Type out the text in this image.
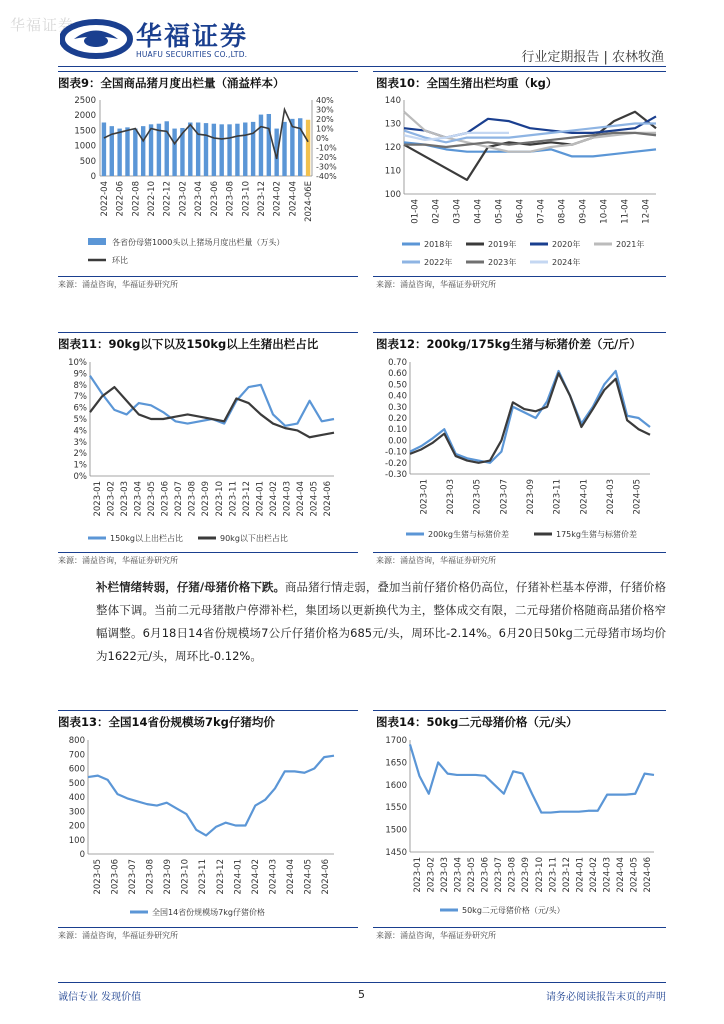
华福证券 华福证券
HUAFU SECURITIES CO.,LTD.	行业定期报告 | 农林牧渔
图表9：全国商品猪月度出栏量（涌益样本）	图表10：全国生猪出栏均重（kg）
2500
2000
1500
1000
500
0
40%
30%
20%
10%
0%
-10%
-20%
-30%
-40%
2022-04 2022-06 2022-08 2022-10 2022-12 2023-02 2023-04 2023-06 2023-08 2023-10 2023-12 2024-02 2024-04 2024-06E
各省份母猪1000头以上猪场月度出栏量（万头）
环比
140
130
120
110
100
01-04 02-04 03-04 04-04 05-04 06-04 07-04 08-04 09-04 10-04 11-04 12-04
2018年	2019年	2020年	2021年
2022年	2023年	2024年
来源：涌益咨询，华福证券研究所	来源：涌益咨询，华福证券研究所
图表11：90kg以下以及150kg以上生猪出栏占比	图表12：200kg/175kg生猪与标猪价差（元/斤）
10%
9%
8%
7%
6%
5%
4%
3%
2%
1%
0%
2023-01 2023-02 2023-03 2023-04 2023-05 2023-06 2023-07 2023-08 2023-09 2023-10 2023-11 2023-12 2024-01 2024-02 2024-03 2024-04 2024-05 2024-06
150kg以上出栏占比	90kg以下出栏占比
0.70
0.60
0.50
0.40
0.30
0.20
0.10
0.00
-0.10
-0.20
-0.30
2023-01 2023-03 2023-05 2023-07 2023-09 2023-11 2024-01 2024-03 2024-05
200kg生猪与标猪价差	175kg生猪与标猪价差
来源：涌益咨询，华福证券研究所	来源：涌益咨询，华福证券研究所
补栏情绪转弱，仔猪/母猪价格下跌。商品猪行情走弱，叠加当前仔猪价格仍高位，仔猪补栏基本停滞，仔猪价格整体下调。当前二元母猪散户停滞补栏，集团场以更新换代为主，整体成交有限，二元母猪价格随商品猪价格窄幅调整。6月18日14省份规模场7公斤仔猪价格为685元/头，周环比-2.14%。6月20日50kg二元母猪市场均价为1622元/头，周环比-0.12%。
图表13：全国14省份规模场7kg仔猪均价	图表14：50kg二元母猪价格（元/头）
800
700
600
500
400
300
200
100
0
2023-05 2023-06 2023-07 2023-08 2023-09 2023-10 2023-11 2023-12 2024-01 2024-02 2024-03 2024-04 2024-05 2024-06
全国14省份规模场7kg仔猪价格
1700
1650
1600
1550
1500
1450
2023-01 2023-02 2023-03 2023-04 2023-05 2023-06 2023-07 2023-08 2023-09 2023-10 2023-11 2023-12 2024-01 2024-02 2024-03 2024-04 2024-05 2024-06
50kg二元母猪价格（元/头）
来源：涌益咨询，华福证券研究所	来源：涌益咨询，华福证券研究所
诚信专业 发现价值	5	请务必阅读报告末页的声明
